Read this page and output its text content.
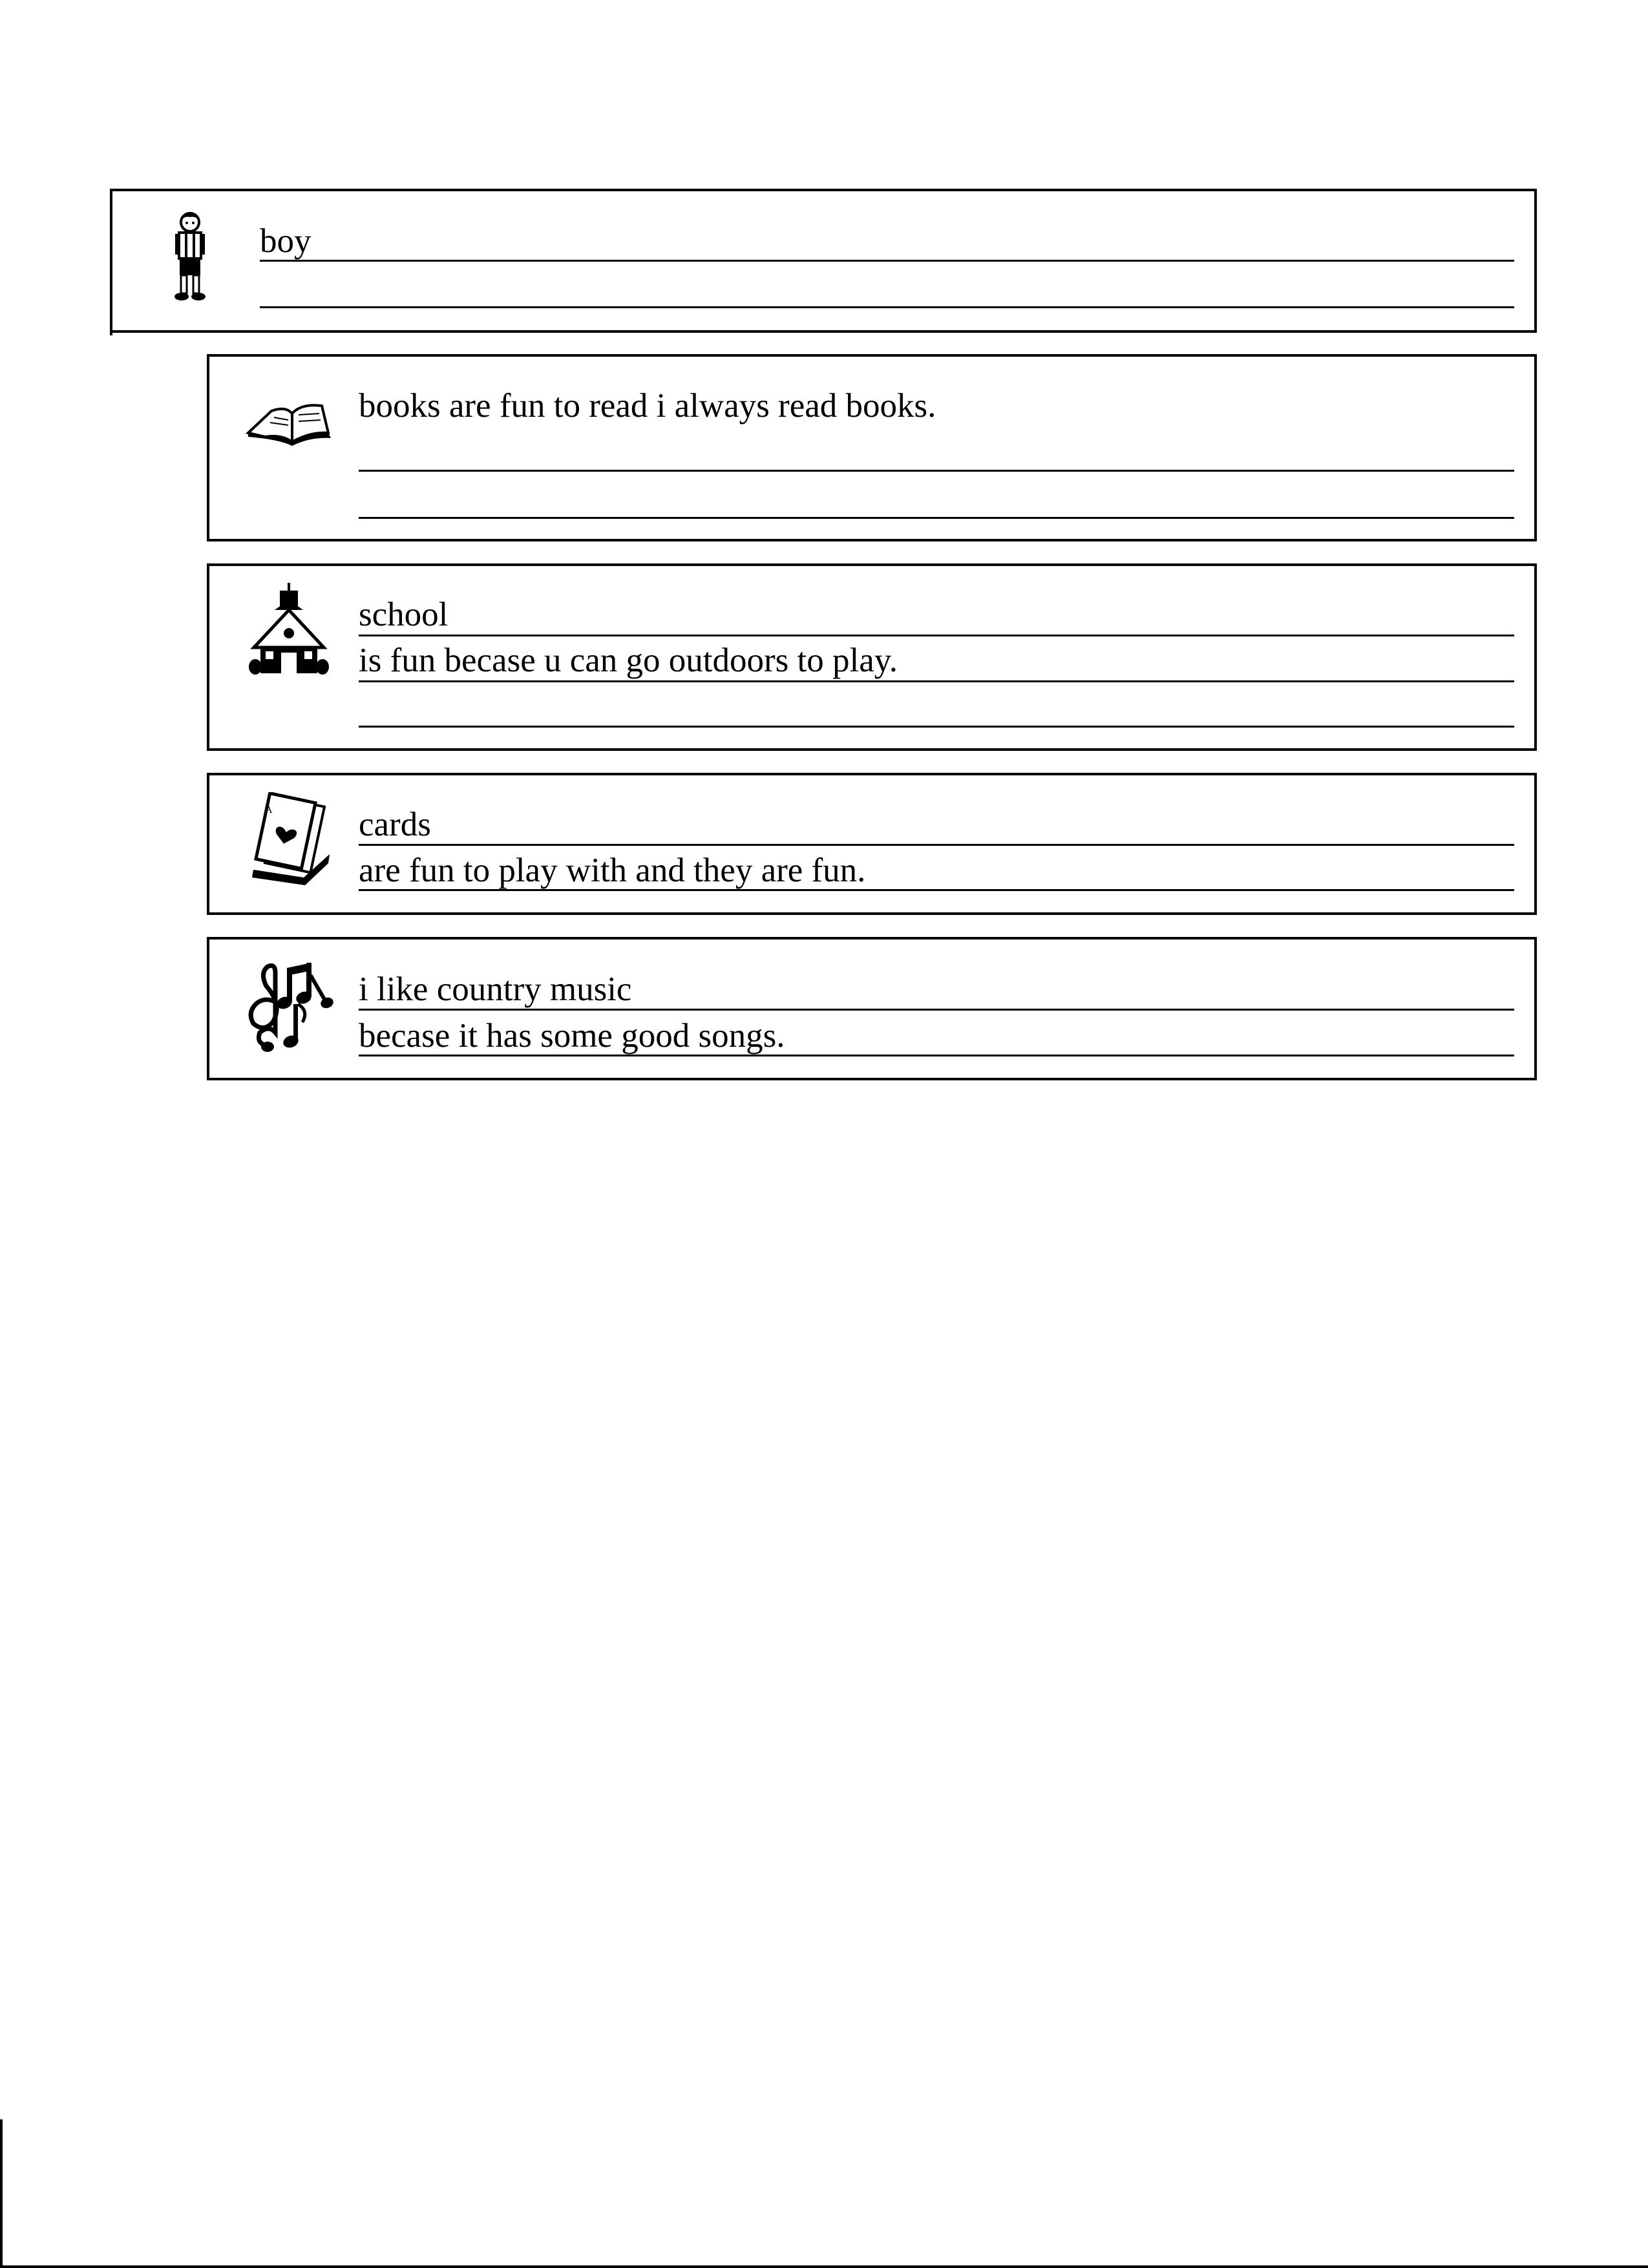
boy
books are fun to read i always read books.
school
is fun becase u can go outdoors to play.
A	cards
are fun to play with and they are fun.
i like country music
becase it has some good songs.
